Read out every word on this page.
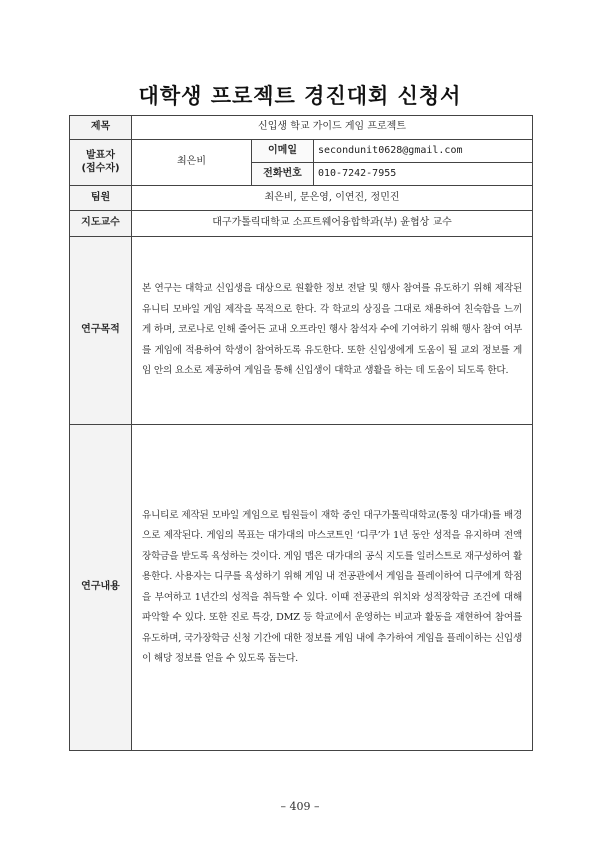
대학생 프로젝트 경진대회 신청서
제목	신입생 학교 가이드 게임 프로젝트		
발표자
(접수자)	최은비	이메일	secondunit0628@gmail.com
		전화번호	010-7242-7955
팀원	최은비, 문은영, 이연진, 정민진		
지도교수	대구가톨릭대학교 소프트웨어융합학과(부) 윤협상 교수		
연구목적	본 연구는 대학교 신입생을 대상으로 원활한 정보 전달 및 행사 참여를 유도하기 위해 제작된 유니티 모바일 게임 제작을 목적으로 한다. 각 학교의 상징을 그대로 채용하여 친숙함을 느끼게 하며, 코로나로 인해 줄어든 교내 오프라인 행사 참석자 수에 기여하기 위해 행사 참여 여부를 게임에 적용하여 학생이 참여하도록 유도한다. 또한 신입생에게 도움이 될 교외 정보를 게임 안의 요소로 제공하여 게임을 통해 신입생이 대학교 생활을 하는 데 도움이 되도록 한다.		

연구내용	유니티로 제작된 모바일 게임으로 팀원들이 재학 중인 대구가톨릭대학교(통칭 대가대)를 배경으로 제작된다. 게임의 목표는 대가대의 마스코트인 ‘디쿠’가 1년 동안 성적을 유지하며 전액 장학금을 받도록 육성하는 것이다. 게임 맵은 대가대의 공식 지도를 일러스트로 재구성하여 활용한다. 사용자는 디쿠를 육성하기 위해 게임 내 전공관에서 게임을 플레이하여 디쿠에게 학점을 부여하고 1년간의 성적을 취득할 수 있다. 이때 전공관의 위치와 성적장학금 조건에 대해 파악할 수 있다. 또한 진로 특강, DMZ 등 학교에서 운영하는 비교과 활동을 재현하여 참여를 유도하며, 국가장학금 신청 기간에 대한 정보를 게임 내에 추가하여 게임을 플레이하는 신입생이 해당 정보를 얻을 수 있도록 돕는다.		
– 409 –
